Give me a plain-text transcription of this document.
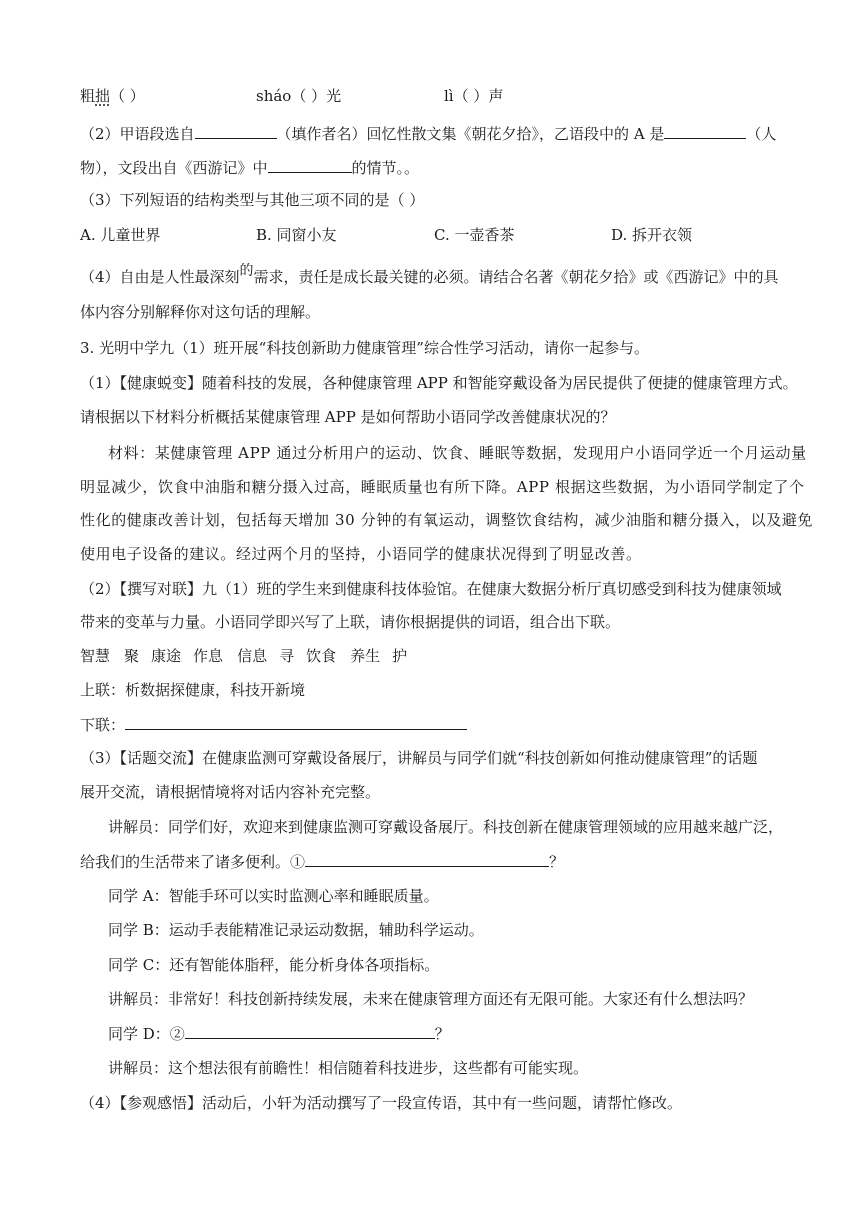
粗拙（ ）	sháo（ ）光	lì（ ）声
（2）甲语段选自	（填作者名）回忆性散文集《朝花夕拾》，乙语段中的 A 是	（人
物），文段出自《西游记》中	的情节。。
（3）下列短语的结构类型与其他三项不同的是（ ）
A. 儿童世界	B. 同窗小友	C. 一壶香茶	D. 拆开衣领
（4）自由是人性最深刻的需求，责任是成长最关键的必须。请结合名著《朝花夕拾》或《西游记》中的具
体内容分别解释你对这句话的理解。
3. 光明中学九（1）班开展“科技创新助力健康管理”综合性学习活动，请你一起参与。
（1）【健康蜕变】随着科技的发展，各种健康管理 APP 和智能穿戴设备为居民提供了便捷的健康管理方式。
请根据以下材料分析概括某健康管理 APP 是如何帮助小语同学改善健康状况的？
材料：某健康管理 APP 通过分析用户的运动、饮食、睡眠等数据，发现用户小语同学近一个月运动量
明显减少，饮食中油脂和糖分摄入过高，睡眠质量也有所下降。APP 根据这些数据，为小语同学制定了个
性化的健康改善计划，包括每天增加 30 分钟的有氧运动，调整饮食结构，减少油脂和糖分摄入，以及避免
使用电子设备的建议。经过两个月的坚持，小语同学的健康状况得到了明显改善。
（2）【撰写对联】九（1）班的学生来到健康科技体验馆。在健康大数据分析厅真切感受到科技为健康领域
带来的变革与力量。小语同学即兴写了上联，请你根据提供的词语，组合出下联。
智慧 聚 康途 作息 信息 寻 饮食 养生 护
上联：析数据探健康，科技开新境
下联：
（3）【话题交流】在健康监测可穿戴设备展厅，讲解员与同学们就“科技创新如何推动健康管理”的话题
展开交流，请根据情境将对话内容补充完整。
讲解员：同学们好，欢迎来到健康监测可穿戴设备展厅。科技创新在健康管理领域的应用越来越广泛，
给我们的生活带来了诸多便利。①	？
同学 A：智能手环可以实时监测心率和睡眠质量。
同学 B：运动手表能精准记录运动数据，辅助科学运动。
同学 C：还有智能体脂秤，能分析身体各项指标。
讲解员：非常好！科技创新持续发展，未来在健康管理方面还有无限可能。大家还有什么想法吗？
同学 D：②	？
讲解员：这个想法很有前瞻性！相信随着科技进步，这些都有可能实现。
（4）【参观感悟】活动后，小轩为活动撰写了一段宣传语，其中有一些问题，请帮忙修改。
